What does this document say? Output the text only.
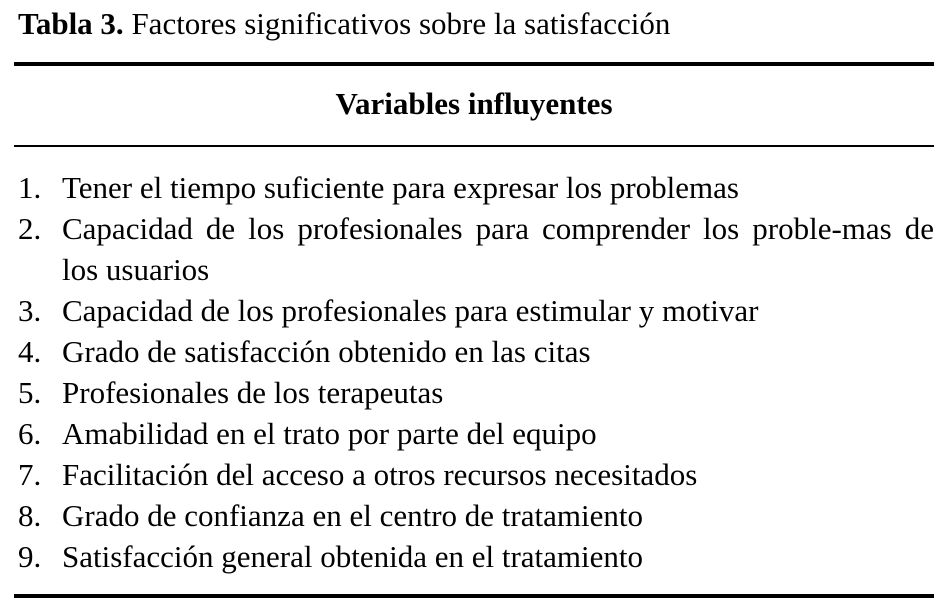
Tabla 3. Factores significativos sobre la satisfacción
Variables influyentes
1. Tener el tiempo suficiente para expresar los problemas
2. Capacidad de los profesionales para comprender los proble-mas de los usuarios
3. Capacidad de los profesionales para estimular y motivar
4. Grado de satisfacción obtenido en las citas
5. Profesionales de los terapeutas
6. Amabilidad en el trato por parte del equipo
7. Facilitación del acceso a otros recursos necesitados
8. Grado de confianza en el centro de tratamiento
9. Satisfacción general obtenida en el tratamiento
